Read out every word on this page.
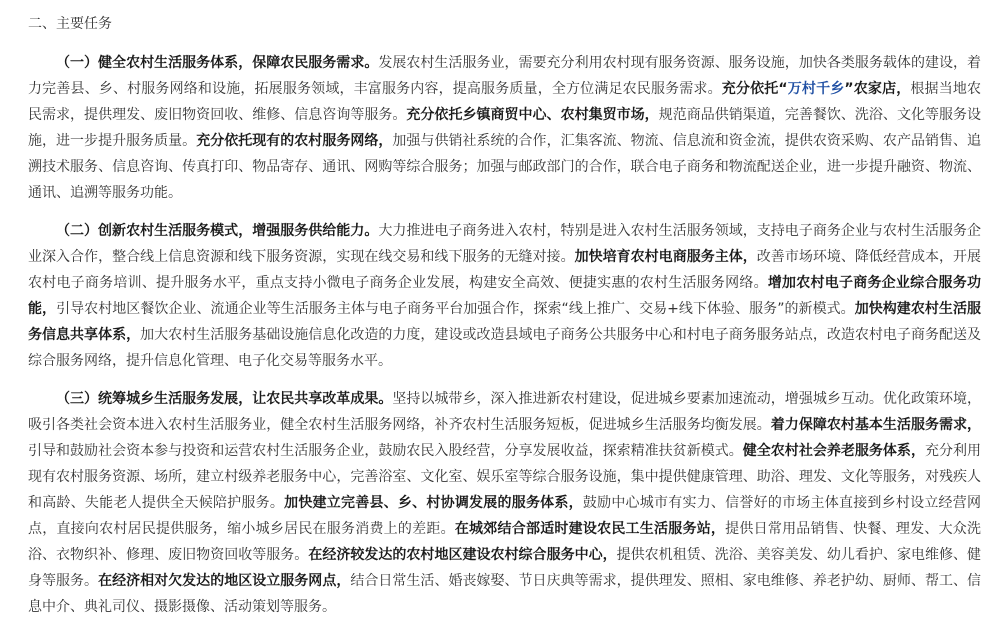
二、主要任务

（一）健全农村生活服务体系，保障农民服务需求。发展农村生活服务业，需要充分利用农村现有服务资源、服务设施，加快各类服务载体的建设，着力完善县、乡、村服务网络和设施，拓展服务领域，丰富服务内容，提高服务质量，全方位满足农民服务需求。充分依托“万村千乡”农家店，根据当地农民需求，提供理发、废旧物资回收、维修、信息咨询等服务。充分依托乡镇商贸中心、农村集贸市场，规范商品供销渠道，完善餐饮、洗浴、文化等服务设施，进一步提升服务质量。充分依托现有的农村服务网络，加强与供销社系统的合作，汇集客流、物流、信息流和资金流，提供农资采购、农产品销售、追溯技术服务、信息咨询、传真打印、物品寄存、通讯、网购等综合服务；加强与邮政部门的合作，联合电子商务和物流配送企业，进一步提升融资、物流、通讯、追溯等服务功能。

（二）创新农村生活服务模式，增强服务供给能力。大力推进电子商务进入农村，特别是进入农村生活服务领域，支持电子商务企业与农村生活服务企业深入合作，整合线上信息资源和线下服务资源，实现在线交易和线下服务的无缝对接。加快培育农村电商服务主体，改善市场环境、降低经营成本，开展农村电子商务培训、提升服务水平，重点支持小微电子商务企业发展，构建安全高效、便捷实惠的农村生活服务网络。增加农村电子商务企业综合服务功能，引导农村地区餐饮企业、流通企业等生活服务主体与电子商务平台加强合作，探索“线上推广、交易+线下体验、服务”的新模式。加快构建农村生活服务信息共享体系，加大农村生活服务基础设施信息化改造的力度，建设或改造县域电子商务公共服务中心和村电子商务服务站点，改造农村电子商务配送及综合服务网络，提升信息化管理、电子化交易等服务水平。

（三）统筹城乡生活服务发展，让农民共享改革成果。坚持以城带乡，深入推进新农村建设，促进城乡要素加速流动，增强城乡互动。优化政策环境，吸引各类社会资本进入农村生活服务业，健全农村生活服务网络，补齐农村生活服务短板，促进城乡生活服务均衡发展。着力保障农村基本生活服务需求，引导和鼓励社会资本参与投资和运营农村生活服务企业，鼓励农民入股经营，分享发展收益，探索精准扶贫新模式。健全农村社会养老服务体系，充分利用现有农村服务资源、场所，建立村级养老服务中心，完善浴室、文化室、娱乐室等综合服务设施，集中提供健康管理、助浴、理发、文化等服务，对残疾人和高龄、失能老人提供全天候陪护服务。加快建立完善县、乡、村协调发展的服务体系，鼓励中心城市有实力、信誉好的市场主体直接到乡村设立经营网点，直接向农村居民提供服务，缩小城乡居民在服务消费上的差距。在城郊结合部适时建设农民工生活服务站，提供日常用品销售、快餐、理发、大众洗浴、衣物织补、修理、废旧物资回收等服务。在经济较发达的农村地区建设农村综合服务中心，提供农机租赁、洗浴、美容美发、幼儿看护、家电维修、健身等服务。在经济相对欠发达的地区设立服务网点，结合日常生活、婚丧嫁娶、节日庆典等需求，提供理发、照相、家电维修、养老护幼、厨师、帮工、信息中介、典礼司仪、摄影摄像、活动策划等服务。
